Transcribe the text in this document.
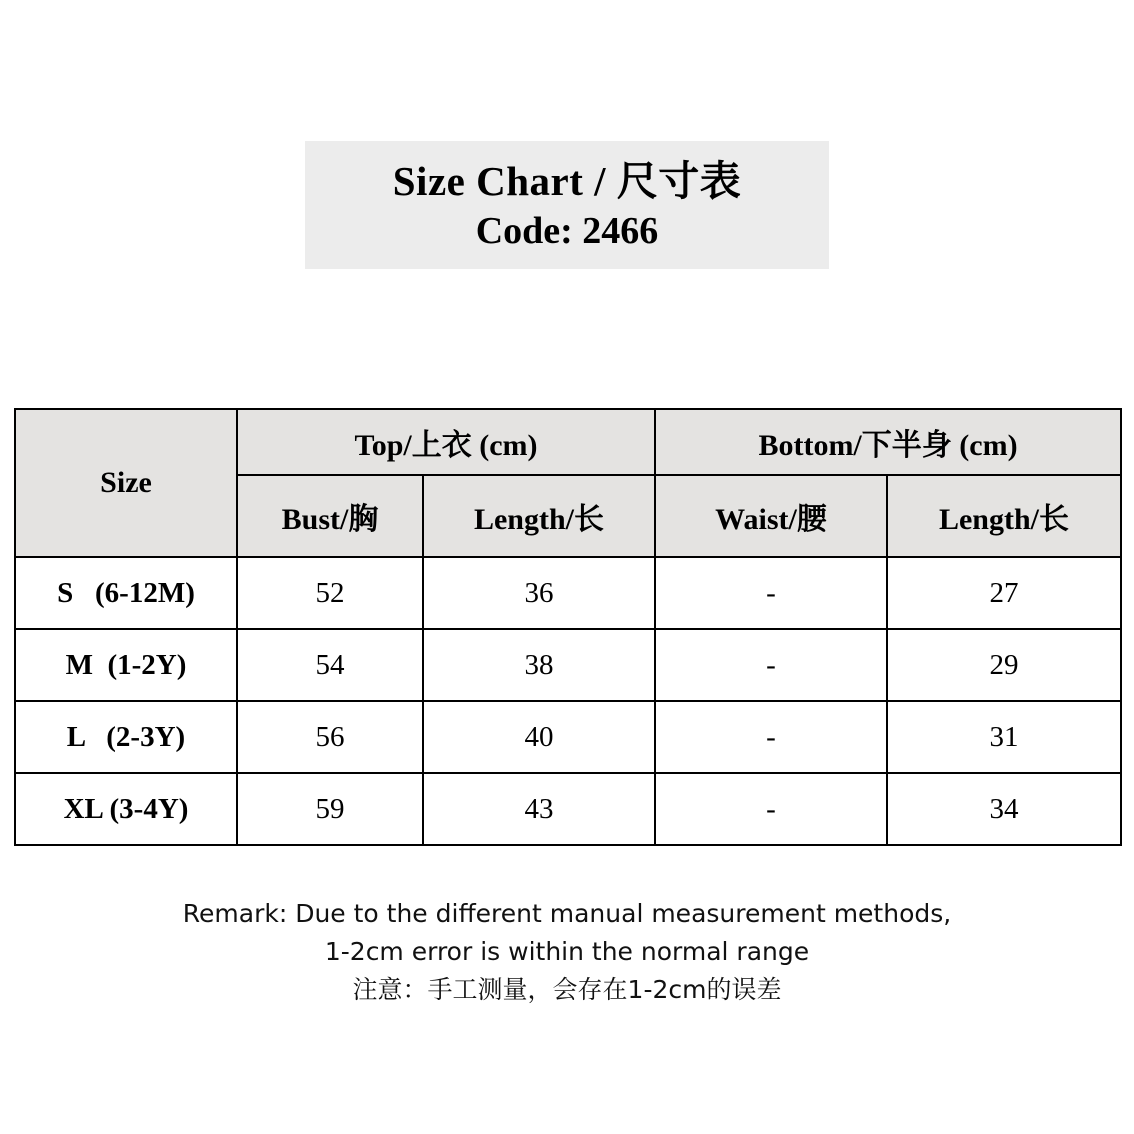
Size Chart / 尺寸表
Code: 2466
Size	Top/上衣 (cm)		Bottom/下半身 (cm)	
	Bust/胸	Length/长	Waist/腰	Length/长
S   (6-12M)	52	36	-	27
M  (1-2Y)	54	38	-	29
L   (2-3Y)	56	40	-	31
XL (3-4Y)	59	43	-	34
Remark: Due to the different manual measurement methods,
1-2cm error is within the normal range
注意：手工测量，会存在1-2cm的误差
